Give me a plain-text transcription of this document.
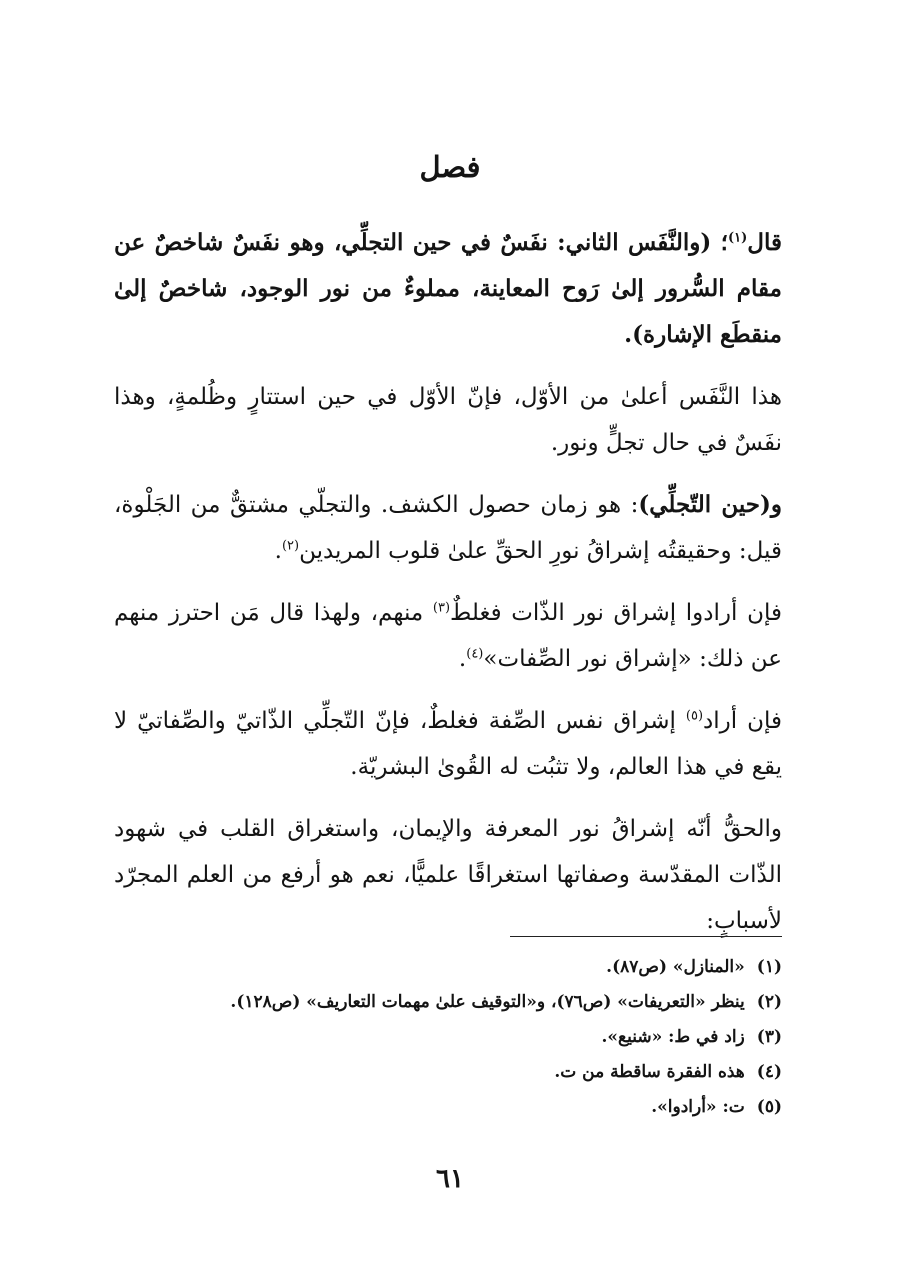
فصل

قال$^{(١)}$؛ (والنَّفَس الثاني: نفَسٌ في حين التجلِّي، وهو نفَسٌ شاخصٌ عن مقام السُّرور إلىٰ رَوح المعاينة، مملوءٌ من نور الوجود، شاخصٌ إلىٰ منقطَع الإشارة).

هذا النَّفَس أعلىٰ من الأوّل، فإنّ الأوّل في حين استتارٍ وظُلمةٍ، وهذا نفَسٌ في حال تجلٍّ ونور.

و(حين التّجلِّي): هو زمان حصول الكشف. والتجلّي مشتقٌّ من الجَلْوة، قيل: وحقيقتُه إشراقُ نورِ الحقِّ علىٰ قلوب المريدين$^{(٢)}$.

فإن أرادوا إشراق نور الذّات فغلطٌ$^{(٣)}$ منهم، ولهذا قال مَن احترز منهم عن ذلك: «إشراق نور الصِّفات»$^{(٤)}$.

فإن أراد$^{(٥)}$ إشراق نفس الصِّفة فغلطٌ، فإنّ التّجلِّي الذّاتيّ والصِّفاتيّ لا يقع في هذا العالم، ولا تثبُت له القُوىٰ البشريّة.

والحقُّ أنّه إشراقُ نور المعرفة والإيمان، واستغراق القلب في شهود الذّات المقدّسة وصفاتها استغراقًا علميًّا، نعم هو أرفع من العلم المجرّد لأسبابٍ:

(١)«المنازل» (ص٨٧).
(٢)ينظر «التعريفات» (ص٧٦)، و«التوقيف علىٰ مهمات التعاريف» (ص١٢٨).
(٣)زاد في ط: «شنيع».
(٤)هذه الفقرة ساقطة من ت.
(٥)ت: «أرادوا».
٦١
